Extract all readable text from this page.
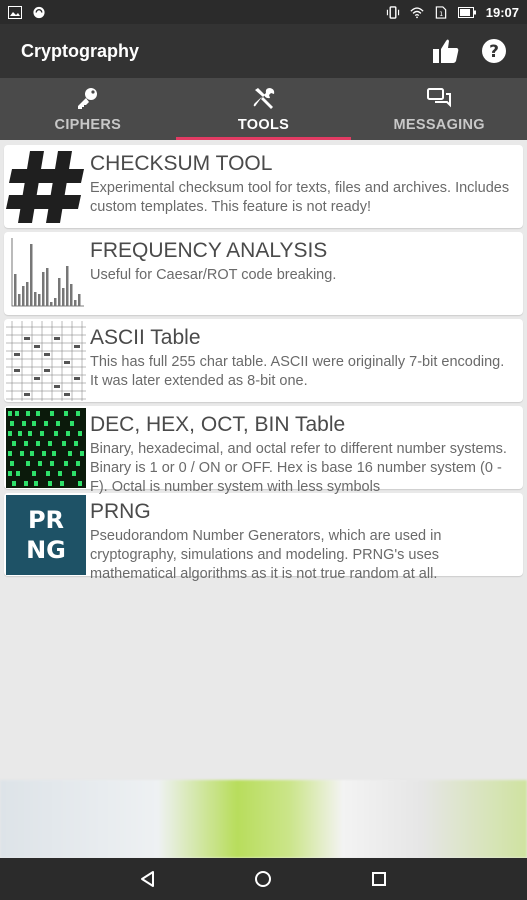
1	19:07
Cryptography	?
CIPHERS	TOOLS	MESSAGING
CHECKSUM TOOL
Experimental checksum tool for texts, files and archives. Includes custom templates. This feature is not ready!
FREQUENCY ANALYSIS
Useful for Caesar/ROT code breaking.
ASCII Table
This has full 255 char table. ASCII were originally 7-bit encoding. It was later extended as 8-bit one.
DEC, HEX, OCT, BIN Table
Binary, hexadecimal, and octal refer to different number systems. Binary is 1 or 0 / ON or OFF. Hex is base 16 number system (0 - F). Octal is number system with less symbols
PR
NG
PRNG
Pseudorandom Number Generators, which are used in cryptography, simulations and modeling. PRNG's uses mathematical algorithms as it is not true random at all.
